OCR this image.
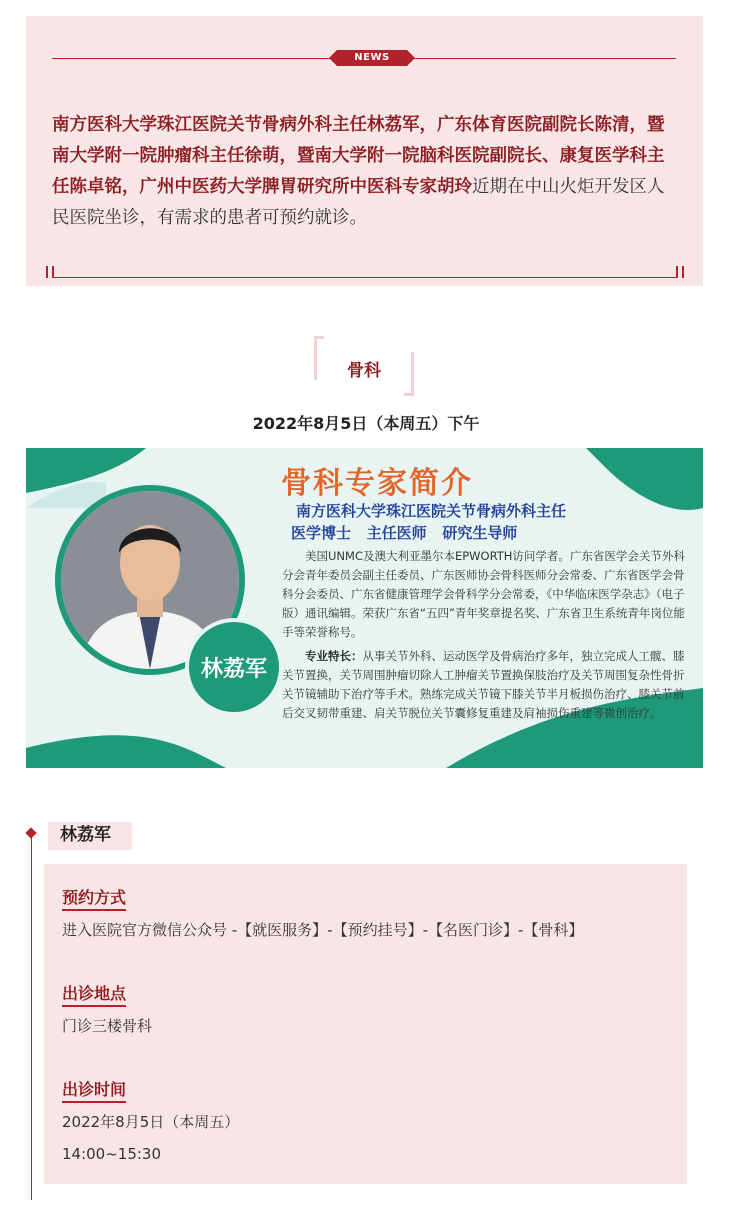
NEWS
南方医科大学珠江医院关节骨病外科主任林荔军，广东体育医院副院长陈清，暨南大学附一院肿瘤科主任徐萌，暨南大学附一院脑科医院副院长、康复医学科主任陈卓铭，广州中医药大学脾胃研究所中医科专家胡玲近期在中山火炬开发区人民医院坐诊，有需求的患者可预约就诊。
骨科
2022年8月5日（本周五）下午
林荔军
骨科专家简介
南方医科大学珠江医院关节骨病外科主任
医学博士   主任医师   研究生导师
美国UNMC及澳大利亚墨尔本EPWORTH访问学者。广东省医学会关节外科分会青年委员会副主任委员、广东医师协会骨科医师分会常委、广东省医学会骨科分会委员、广东省健康管理学会骨科学分会常委，《中华临床医学杂志》（电子版）通讯编辑。荣获广东省“五四”青年奖章提名奖、广东省卫生系统青年岗位能手等荣誉称号。
专业特长：从事关节外科、运动医学及骨病治疗多年，独立完成人工髋、膝关节置换，关节周围肿瘤切除人工肿瘤关节置换保肢治疗及关节周围复杂性骨折关节镜辅助下治疗等手术。熟练完成关节镜下膝关节半月板损伤治疗、膝关节前后交叉韧带重建、肩关节脱位关节囊修复重建及肩袖损伤重建等微创治疗。
林荔军
预约方式
进入医院官方微信公众号 -【就医服务】-【预约挂号】-【名医门诊】-【骨科】
出诊地点
门诊三楼骨科
出诊时间
2022年8月5日（本周五）
14:00~15:30
